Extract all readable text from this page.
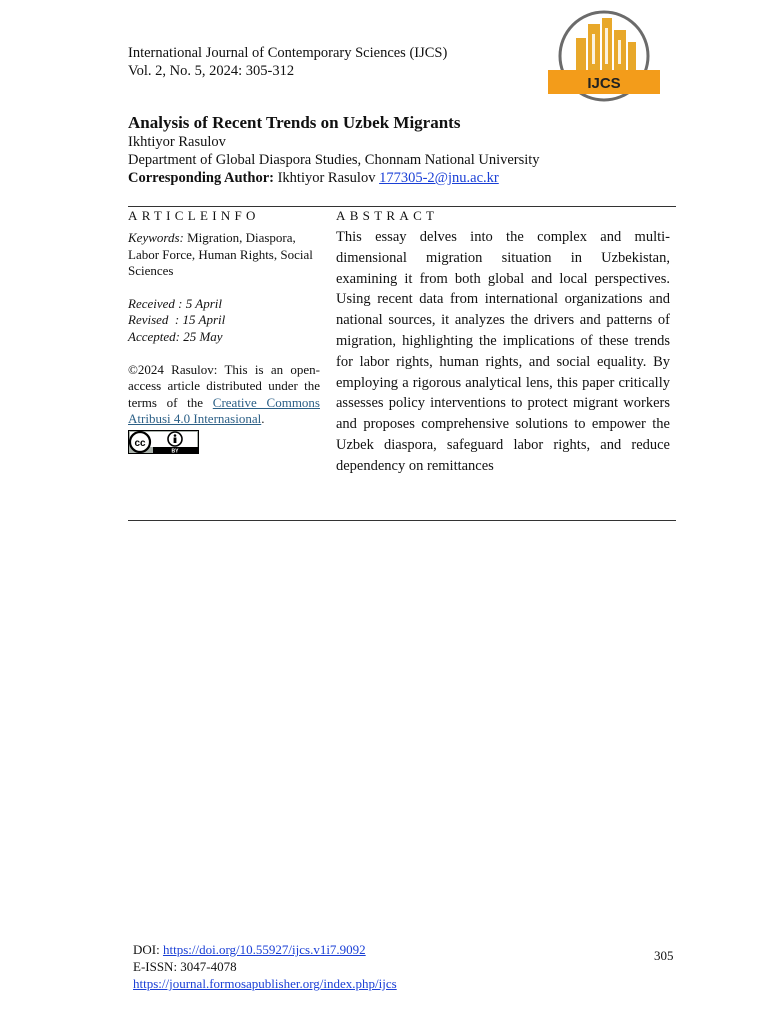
International Journal of Contemporary Sciences (IJCS)
Vol. 2, No. 5, 2024: 305-312
IJCS
Analysis of Recent Trends on Uzbek Migrants
Ikhtiyor Rasulov
Department of Global Diaspora Studies, Chonnam National University
Corresponding Author: Ikhtiyor Rasulov 177305-2@jnu.ac.kr
ARTICLEINFO	ABSTRACT
Keywords: Migration, Diaspora, Labor Force, Human Rights, Social Sciences
Received : 5 April
Revised  : 15 April
Accepted: 25 May
©2024 Rasulov: This is an open-access article distributed under the terms of the Creative Commons Atribusi 4.0 Internasional.
cc
BY
This essay delves into the complex and multi-dimensional migration situation in Uzbekistan, examining it from both global and local perspectives. Using recent data from international organizations and national sources, it analyzes the drivers and patterns of migration, highlighting the implications of these trends for labor rights, human rights, and social equality. By employing a rigorous analytical lens, this paper critically assesses policy interventions to protect migrant workers and proposes comprehensive solutions to empower the Uzbek diaspora, safeguard labor rights, and reduce dependency on remittances
DOI: https://doi.org/10.55927/ijcs.v1i7.9092
E-ISSN: 3047-4078
https://journal.formosapublisher.org/index.php/ijcs
305
